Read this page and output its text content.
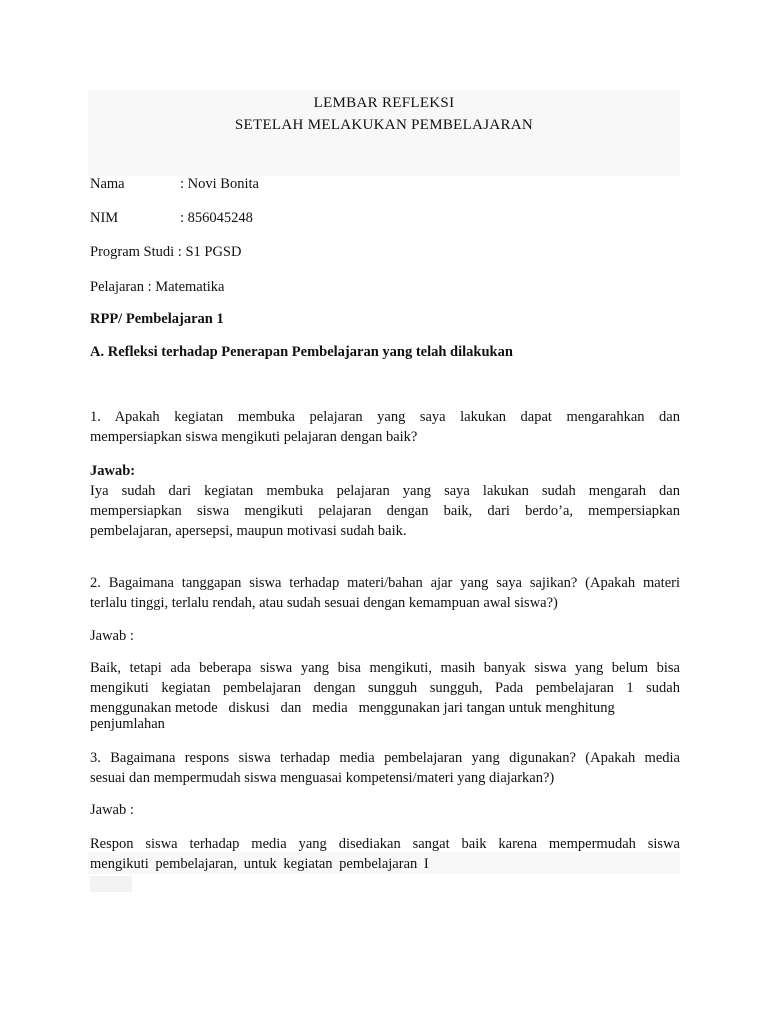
LEMBAR REFLEKSI
SETELAH MELAKUKAN PEMBELAJARAN
Nama	: Novi Bonita
NIM	: 856045248
Program Studi : S1 PGSD
Pelajaran : Matematika
RPP/ Pembelajaran 1
A. Refleksi terhadap Penerapan Pembelajaran yang telah dilakukan
1. Apakah kegiatan membuka pelajaran yang saya lakukan dapat mengarahkan dan
mempersiapkan siswa mengikuti pelajaran dengan baik?
Jawab:
Iya sudah dari kegiatan membuka pelajaran yang saya lakukan sudah mengarah dan
mempersiapkan siswa mengikuti pelajaran dengan baik, dari berdo’a, mempersiapkan
pembelajaran, apersepsi, maupun motivasi sudah baik.
2. Bagaimana tanggapan siswa terhadap materi/bahan ajar yang saya sajikan? (Apakah materi
terlalu tinggi, terlalu rendah, atau sudah sesuai dengan kemampuan awal siswa?)
Jawab :
Baik, tetapi ada beberapa siswa yang bisa mengikuti, masih banyak siswa yang belum bisa
mengikuti kegiatan pembelajaran dengan sungguh sungguh, Pada pembelajaran 1 sudah
menggunakan metode   diskusi   dan   media   menggunakan jari tangan untuk menghitung
penjumlahan
3. Bagaimana respons siswa terhadap media pembelajaran yang digunakan? (Apakah media
sesuai dan mempermudah siswa menguasai kompetensi/materi yang diajarkan?)
Jawab :
Respon siswa terhadap media yang disediakan sangat baik karena mempermudah siswa
mengikuti pembelajaran, untuk kegiatan pembelajaran I
